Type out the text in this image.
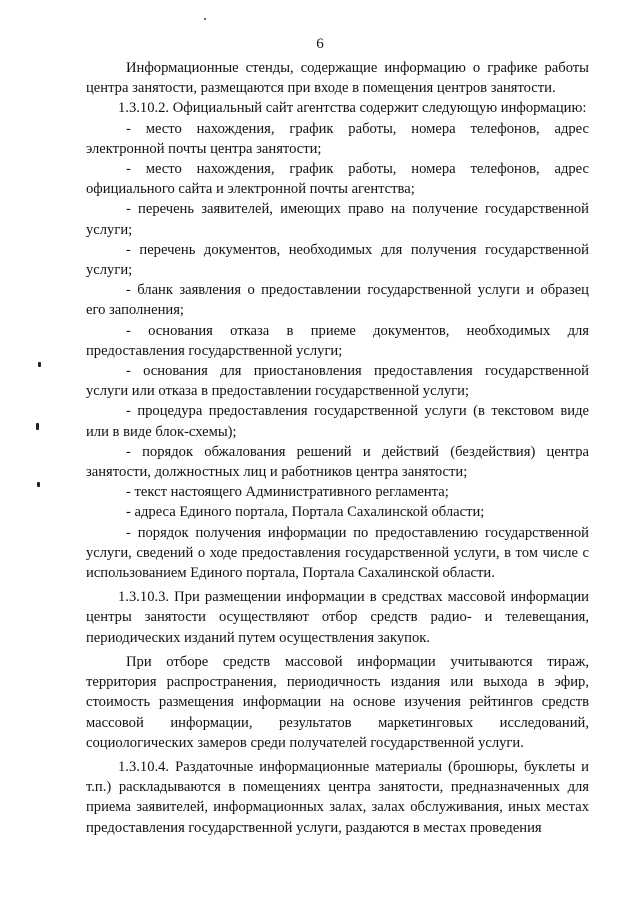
6

Информационные стенды, содержащие информацию о графике работы центра занятости, размещаются при входе в помещения центров занятости.

1.3.10.2. Официальный сайт агентства содержит следующую информацию:

- место нахождения, график работы, номера телефонов, адрес электронной почты центра занятости;

- место нахождения, график работы, номера телефонов, адрес официального сайта и электронной почты агентства;

- перечень заявителей, имеющих право на получение государственной услуги;

- перечень документов, необходимых для получения государственной услуги;

- бланк заявления о предоставлении государственной услуги и образец его заполнения;

- основания отказа в приеме документов, необходимых для предоставления государственной услуги;

- основания для приостановления предоставления государственной услуги или отказа в предоставлении государственной услуги;

- процедура предоставления государственной услуги (в текстовом виде или в виде блок-схемы);

- порядок обжалования решений и действий (бездействия) центра занятости, должностных лиц и работников центра занятости;

- текст настоящего Административного регламента;

- адреса Единого портала, Портала Сахалинской области;

- порядок получения информации по предоставлению государственной услуги, сведений о ходе предоставления государственной услуги, в том числе с использованием Единого портала, Портала Сахалинской области.

1.3.10.3. При размещении информации в средствах массовой информации центры занятости осуществляют отбор средств радио- и телевещания, периодических изданий путем осуществления закупок.

При отборе средств массовой информации учитываются тираж, территория распространения, периодичность издания или выхода в эфир, стоимость размещения информации на основе изучения рейтингов средств массовой информации, результатов маркетинговых исследований, социологических замеров среди получателей государственной услуги.

1.3.10.4. Раздаточные информационные материалы (брошюры, буклеты и т.п.) раскладываются в помещениях центра занятости, предназначенных для приема заявителей, информационных залах, залах обслуживания, иных местах предоставления государственной услуги, раздаются в местах проведения
